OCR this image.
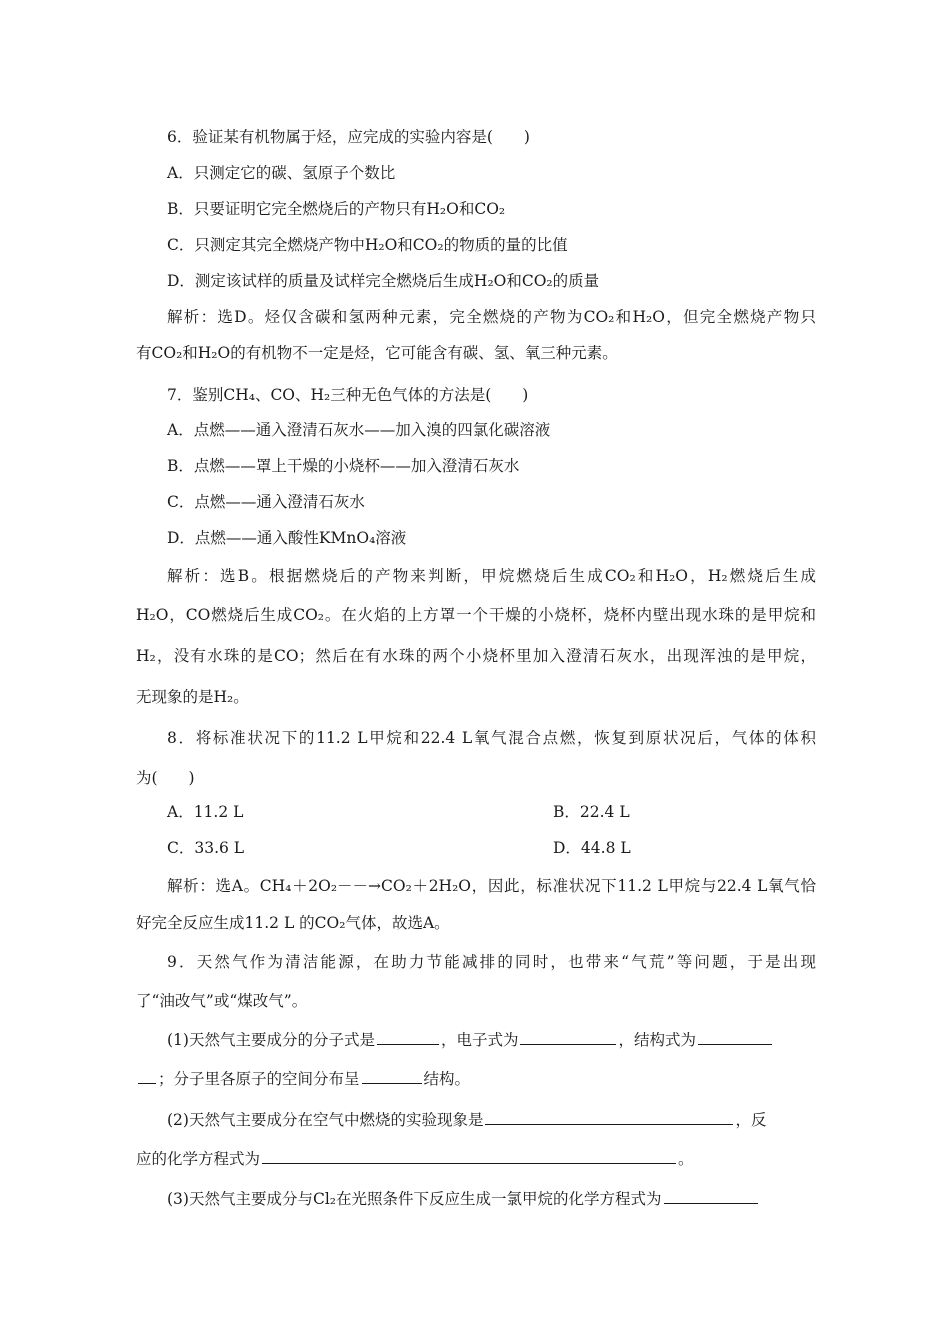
6．验证某有机物属于烃，应完成的实验内容是(　　)
A．只测定它的碳、氢原子个数比
B．只要证明它完全燃烧后的产物只有H₂O和CO₂
C．只测定其完全燃烧产物中H₂O和CO₂的物质的量的比值
D．测定该试样的质量及试样完全燃烧后生成H₂O和CO₂的质量
解析：选D。烃仅含碳和氢两种元素，完全燃烧的产物为CO₂和H₂O，但完全燃烧产物只
有CO₂和H₂O的有机物不一定是烃，它可能含有碳、氢、氧三种元素。
7．鉴别CH₄、CO、H₂三种无色气体的方法是(　　)
A．点燃——通入澄清石灰水——加入溴的四氯化碳溶液
B．点燃——罩上干燥的小烧杯——加入澄清石灰水
C．点燃——通入澄清石灰水
D．点燃——通入酸性KMnO₄溶液
解析：选B。根据燃烧后的产物来判断，甲烷燃烧后生成CO₂和H₂O，H₂燃烧后生成
H₂O，CO燃烧后生成CO₂。在火焰的上方罩一个干燥的小烧杯，烧杯内壁出现水珠的是甲烷和
H₂，没有水珠的是CO；然后在有水珠的两个小烧杯里加入澄清石灰水，出现浑浊的是甲烷，
无现象的是H₂。
8．将标准状况下的11.2 L甲烷和22.4 L氧气混合点燃，恢复到原状况后，气体的体积
为(　　)
A．11.2 L	B．22.4 L
C．33.6 L	D．44.8 L
解析：选A。CH₄＋2O₂－－→CO₂＋2H₂O，因此，标准状况下11.2 L甲烷与22.4 L氧气恰
好完全反应生成11.2 L 的CO₂气体，故选A。
9．天然气作为清洁能源，在助力节能减排的同时，也带来“气荒”等问题，于是出现
了“油改气”或“煤改气”。
(1)天然气主要成分的分子式是	，电子式为	，结构式为
；分子里各原子的空间分布呈	结构。
(2)天然气主要成分在空气中燃烧的实验现象是	，反
应的化学方程式为	。
(3)天然气主要成分与Cl₂在光照条件下反应生成一氯甲烷的化学方程式为
